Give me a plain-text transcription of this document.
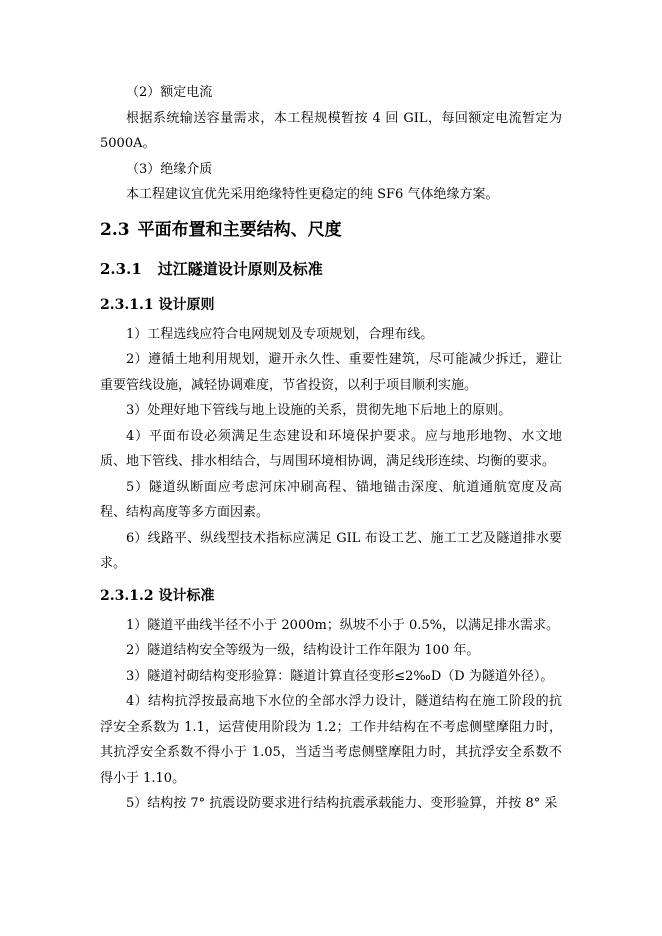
（2）额定电流

根据系统输送容量需求，本工程规模暂按 4 回 GIL，每回额定电流暂定为5000A。

（3）绝缘介质

本工程建议宜优先采用绝缘特性更稳定的纯 SF6 气体绝缘方案。

2.3 平面布置和主要结构、尺度
2.3.1 过江隧道设计原则及标准
2.3.1.1 设计原则

1）工程选线应符合电网规划及专项规划，合理布线。

2）遵循土地利用规划，避开永久性、重要性建筑，尽可能减少拆迁，避让重要管线设施，减轻协调难度，节省投资，以利于项目顺利实施。

3）处理好地下管线与地上设施的关系，贯彻先地下后地上的原则。

4）平面布设必须满足生态建设和环境保护要求。应与地形地物、水文地质、地下管线、排水相结合，与周围环境相协调，满足线形连续、均衡的要求。

5）隧道纵断面应考虑河床冲刷高程、锚地锚击深度、航道通航宽度及高程、结构高度等多方面因素。

6）线路平、纵线型技术指标应满足 GIL 布设工艺、施工工艺及隧道排水要求。

2.3.1.2 设计标准

1）隧道平曲线半径不小于 2000m；纵坡不小于 0.5%，以满足排水需求。

2）隧道结构安全等级为一级，结构设计工作年限为 100 年。

3）隧道衬砌结构变形验算：隧道计算直径变形≤2‰D（D 为隧道外径）。

4）结构抗浮按最高地下水位的全部水浮力设计，隧道结构在施工阶段的抗浮安全系数为 1.1，运营使用阶段为 1.2；工作井结构在不考虑侧壁摩阻力时，其抗浮安全系数不得小于 1.05，当适当考虑侧壁摩阻力时，其抗浮安全系数不得小于 1.10。

5）结构按 7° 抗震设防要求进行结构抗震承载能力、变形验算，并按 8° 采
